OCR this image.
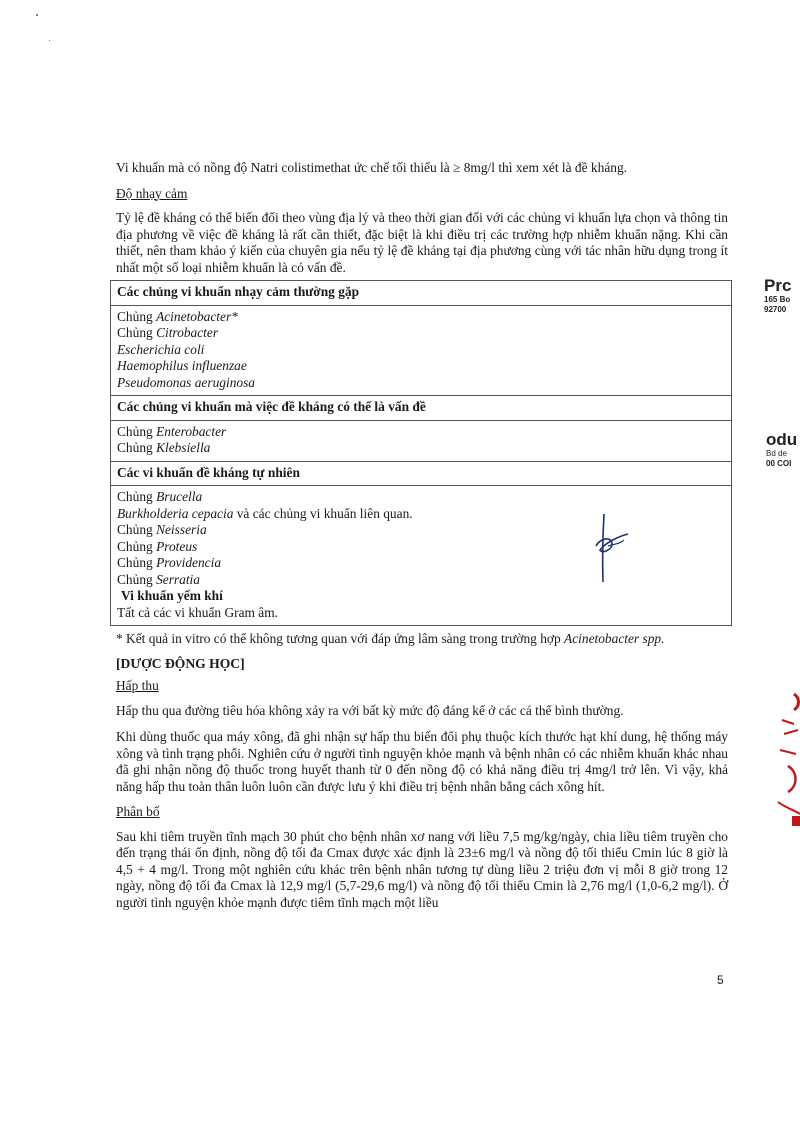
Vi khuẩn mà có nồng độ Natri colistimethat ức chế tối thiểu là ≥ 8mg/l thì xem xét là đề kháng.

Độ nhạy cảm

Tỷ lệ đề kháng có thể biến đổi theo vùng địa lý và theo thời gian đối với các chủng vi khuẩn lựa chọn và thông tin địa phương về việc đề kháng là rất cần thiết, đặc biệt là khi điều trị các trường hợp nhiễm khuẩn nặng. Khi cần thiết, nên tham khảo ý kiến của chuyên gia nếu tỷ lệ đề kháng tại địa phương cùng với tác nhân hữu dụng trong ít nhất một số loại nhiễm khuẩn là có vấn đề.

Các chủng vi khuẩn nhạy cảm thường gặp

Chủng Acinetobacter*
Chủng Citrobacter
Escherichia coli
Haemophilus influenzae
Pseudomonas aeruginosa

Các chủng vi khuẩn mà việc đề kháng có thể là vấn đề

Chủng Enterobacter
Chủng Klebsiella

Các vi khuẩn đề kháng tự nhiên

Chủng Brucella
Burkholderia cepacia và các chủng vi khuẩn liên quan.
Chủng Neisseria
Chủng Proteus
Chủng Providencia
Chủng Serratia
Vi khuẩn yếm khí
Tất cả các vi khuẩn Gram âm.

* Kết quả in vitro có thể không tương quan với đáp ứng lâm sàng trong trường hợp Acinetobacter spp.

[DƯỢC ĐỘNG HỌC]

Hấp thu

Hấp thu qua đường tiêu hóa không xảy ra với bất kỳ mức độ đáng kể ở các cá thể bình thường.

Khi dùng thuốc qua máy xông, đã ghi nhận sự hấp thu biến đổi phụ thuộc kích thước hạt khí dung, hệ thống máy xông và tình trạng phổi. Nghiên cứu ở người tình nguyện khỏe mạnh và bệnh nhân có các nhiễm khuẩn khác nhau đã ghi nhận nồng độ thuốc trong huyết thanh từ 0 đến nồng độ có khả năng điều trị 4mg/l trở lên. Vì vậy, khả năng hấp thu toàn thân luôn luôn cần được lưu ý khi điều trị bệnh nhân bằng cách xông hít.

Phân bố

Sau khi tiêm truyền tĩnh mạch 30 phút cho bệnh nhân xơ nang với liều 7,5 mg/kg/ngày, chia liều tiêm truyền cho đến trạng thái ổn định, nồng độ tối đa Cmax được xác định là 23±6 mg/l và nồng độ tối thiểu Cmin lúc 8 giờ là 4,5 + 4 mg/l. Trong một nghiên cứu khác trên bệnh nhân tương tự dùng liều 2 triệu đơn vị mỗi 8 giờ trong 12 ngày, nồng độ tối đa Cmax là 12,9 mg/l (5,7-29,6 mg/l) và nồng độ tối thiểu Cmin là 2,76 mg/l (1,0-6,2 mg/l). Ở người tình nguyện khỏe mạnh được tiêm tĩnh mạch một liều

Prc
165 Bo
92700
odu
Bd de
00 COI
5
